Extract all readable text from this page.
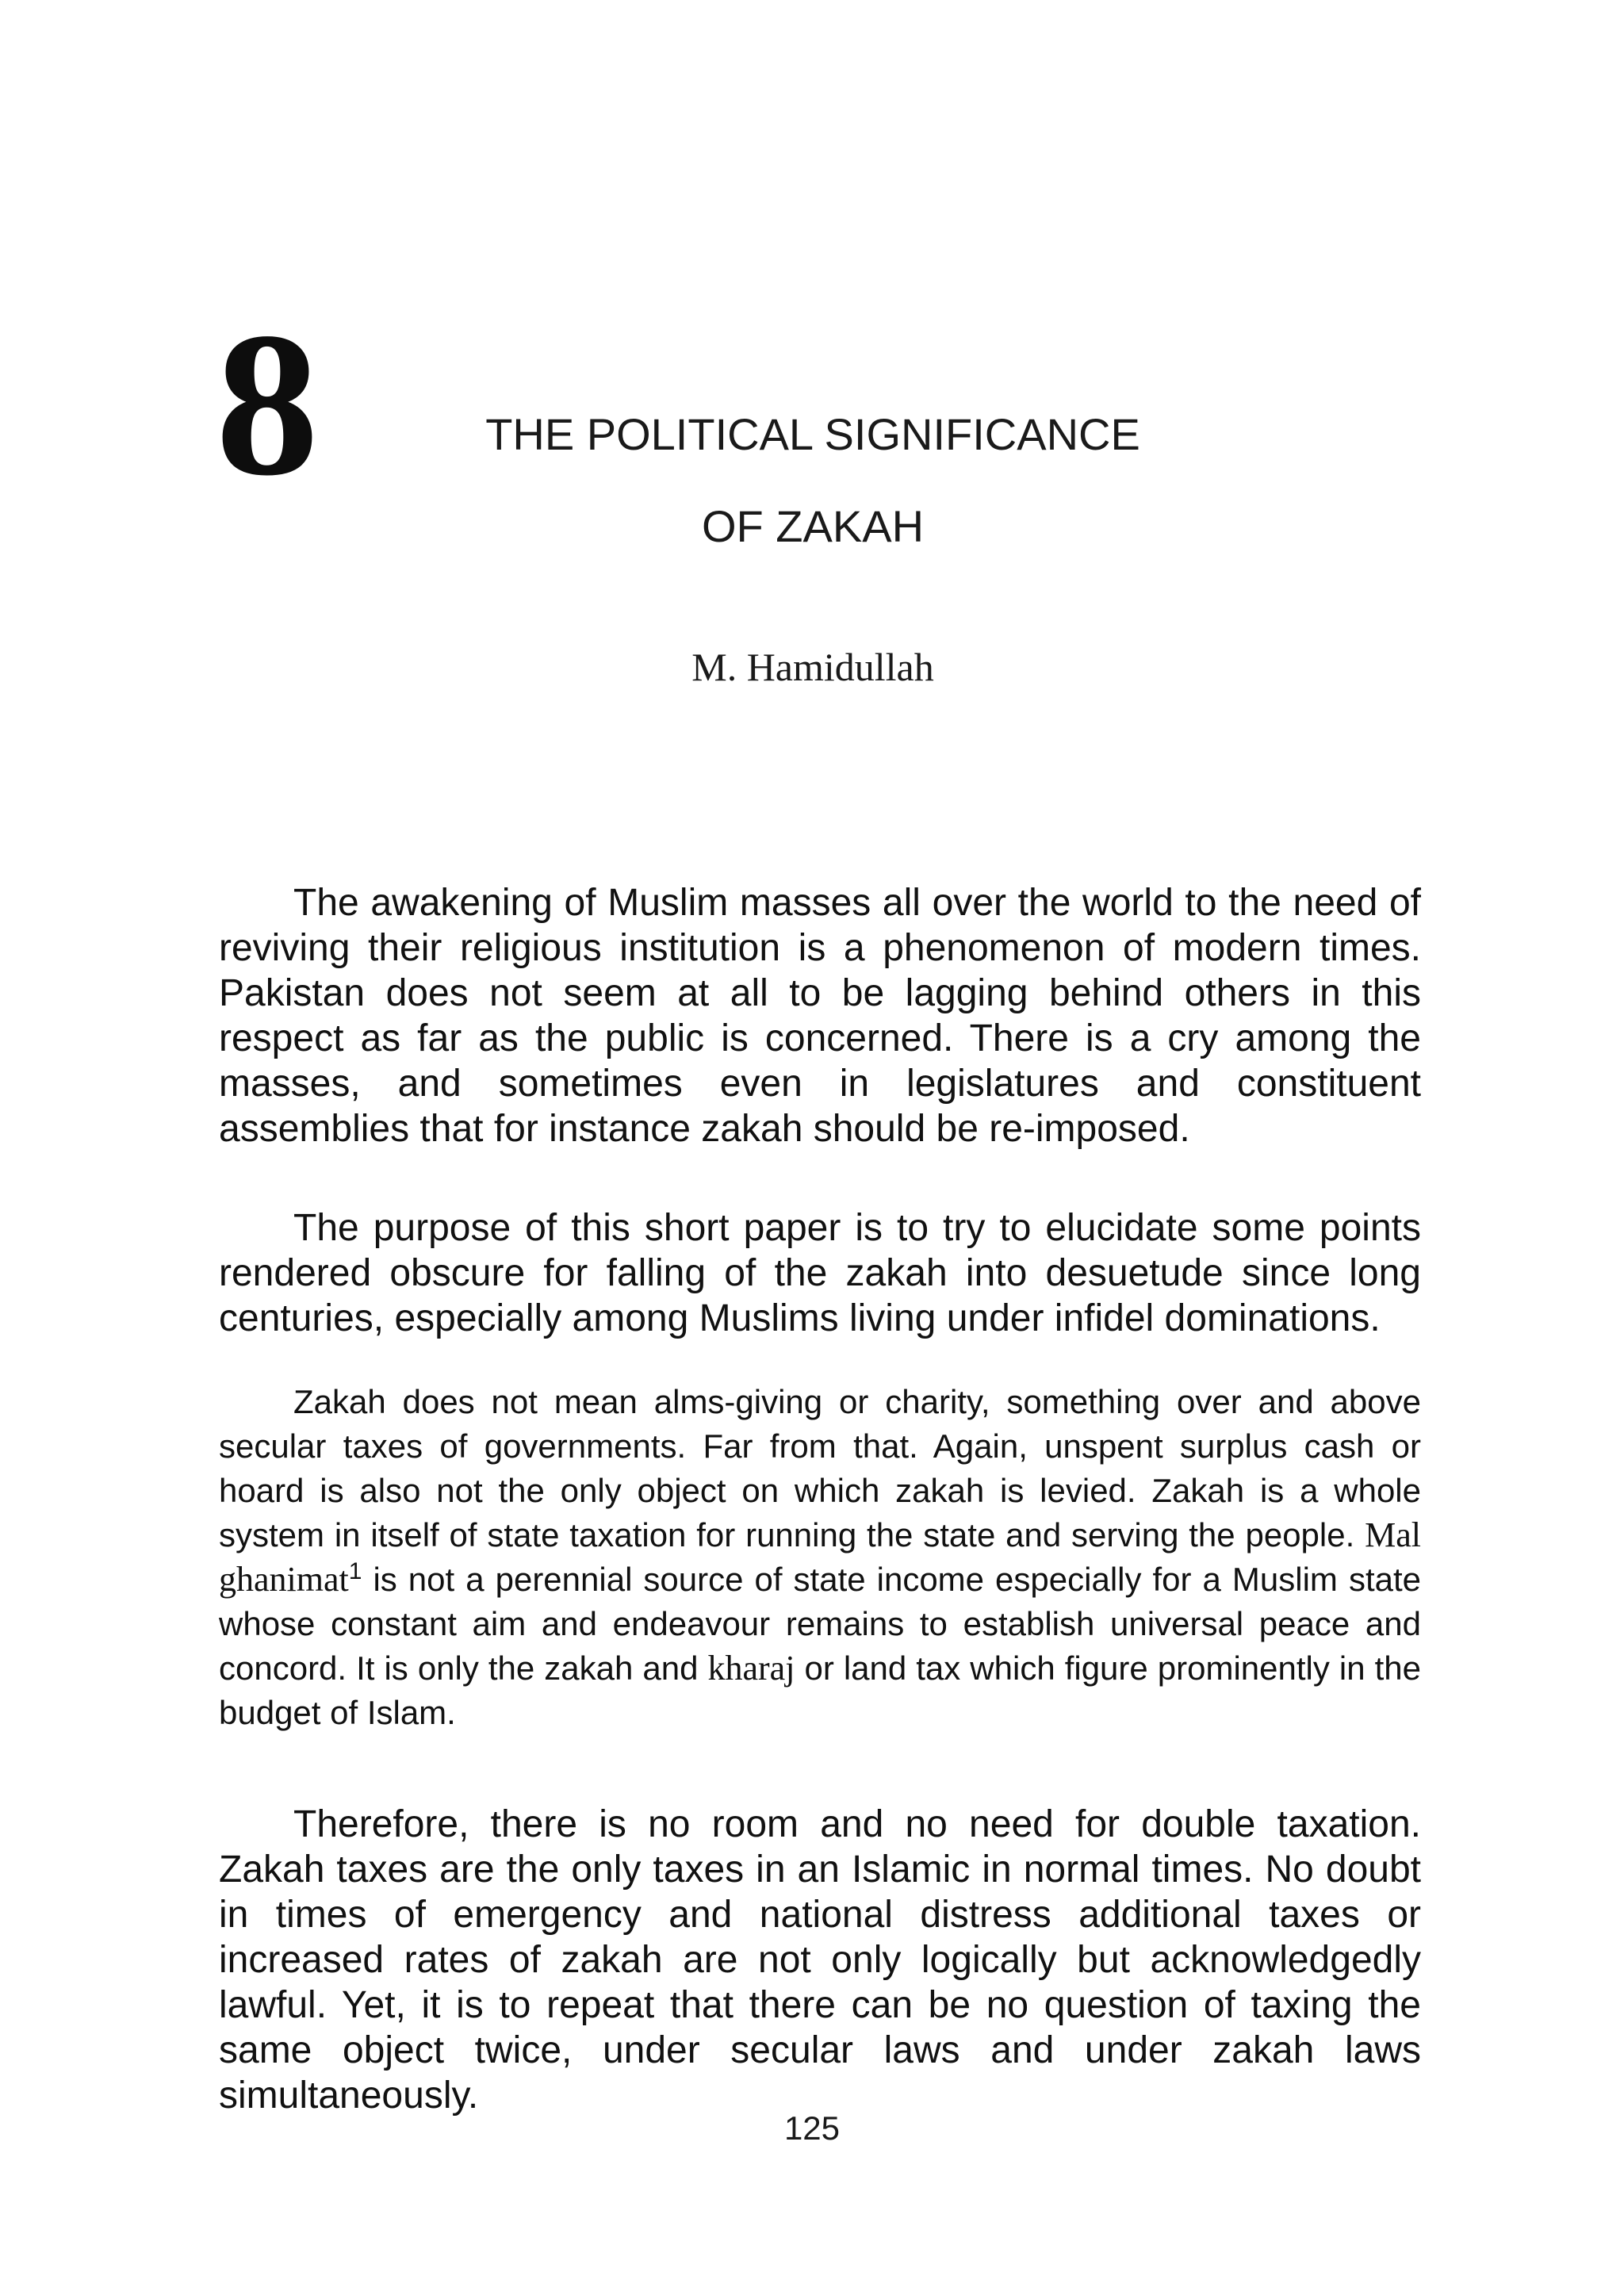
8	THE POLITICAL SIGNIFICANCE
OF ZAKAH

M. Hamidullah

The awakening of Muslim masses all over the world to the need of reviving their religious institution is a phenomenon of modern times. Pakistan does not seem at all to be lagging behind others in this respect as far as the public is concerned. There is a cry among the masses, and sometimes even in legislatures and constituent assemblies that for instance zakah should be re-imposed.

The purpose of this short paper is to try to elucidate some points rendered obscure for falling of the zakah into desuetude since long centuries, especially among Muslims living under infidel dominations.

Zakah does not mean alms-giving or charity, something over and above secular taxes of governments. Far from that. Again, unspent surplus cash or hoard is also not the only object on which zakah is levied. Zakah is a whole system in itself of state taxation for running the state and serving the people. Mal ghanimat$^1$ is not a perennial source of state income especially for a Muslim state whose constant aim and endeavour remains to establish universal peace and concord. It is only the zakah and kharaj or land tax which figure prominently in the budget of Islam.

Therefore, there is no room and no need for double taxation. Zakah taxes are the only taxes in an Islamic in normal times. No doubt in times of emergency and national distress additional taxes or increased rates of zakah are not only logically but acknowledgedly lawful. Yet, it is to repeat that there can be no question of taxing the same object twice, under secular laws and under zakah laws simultaneously.

125
